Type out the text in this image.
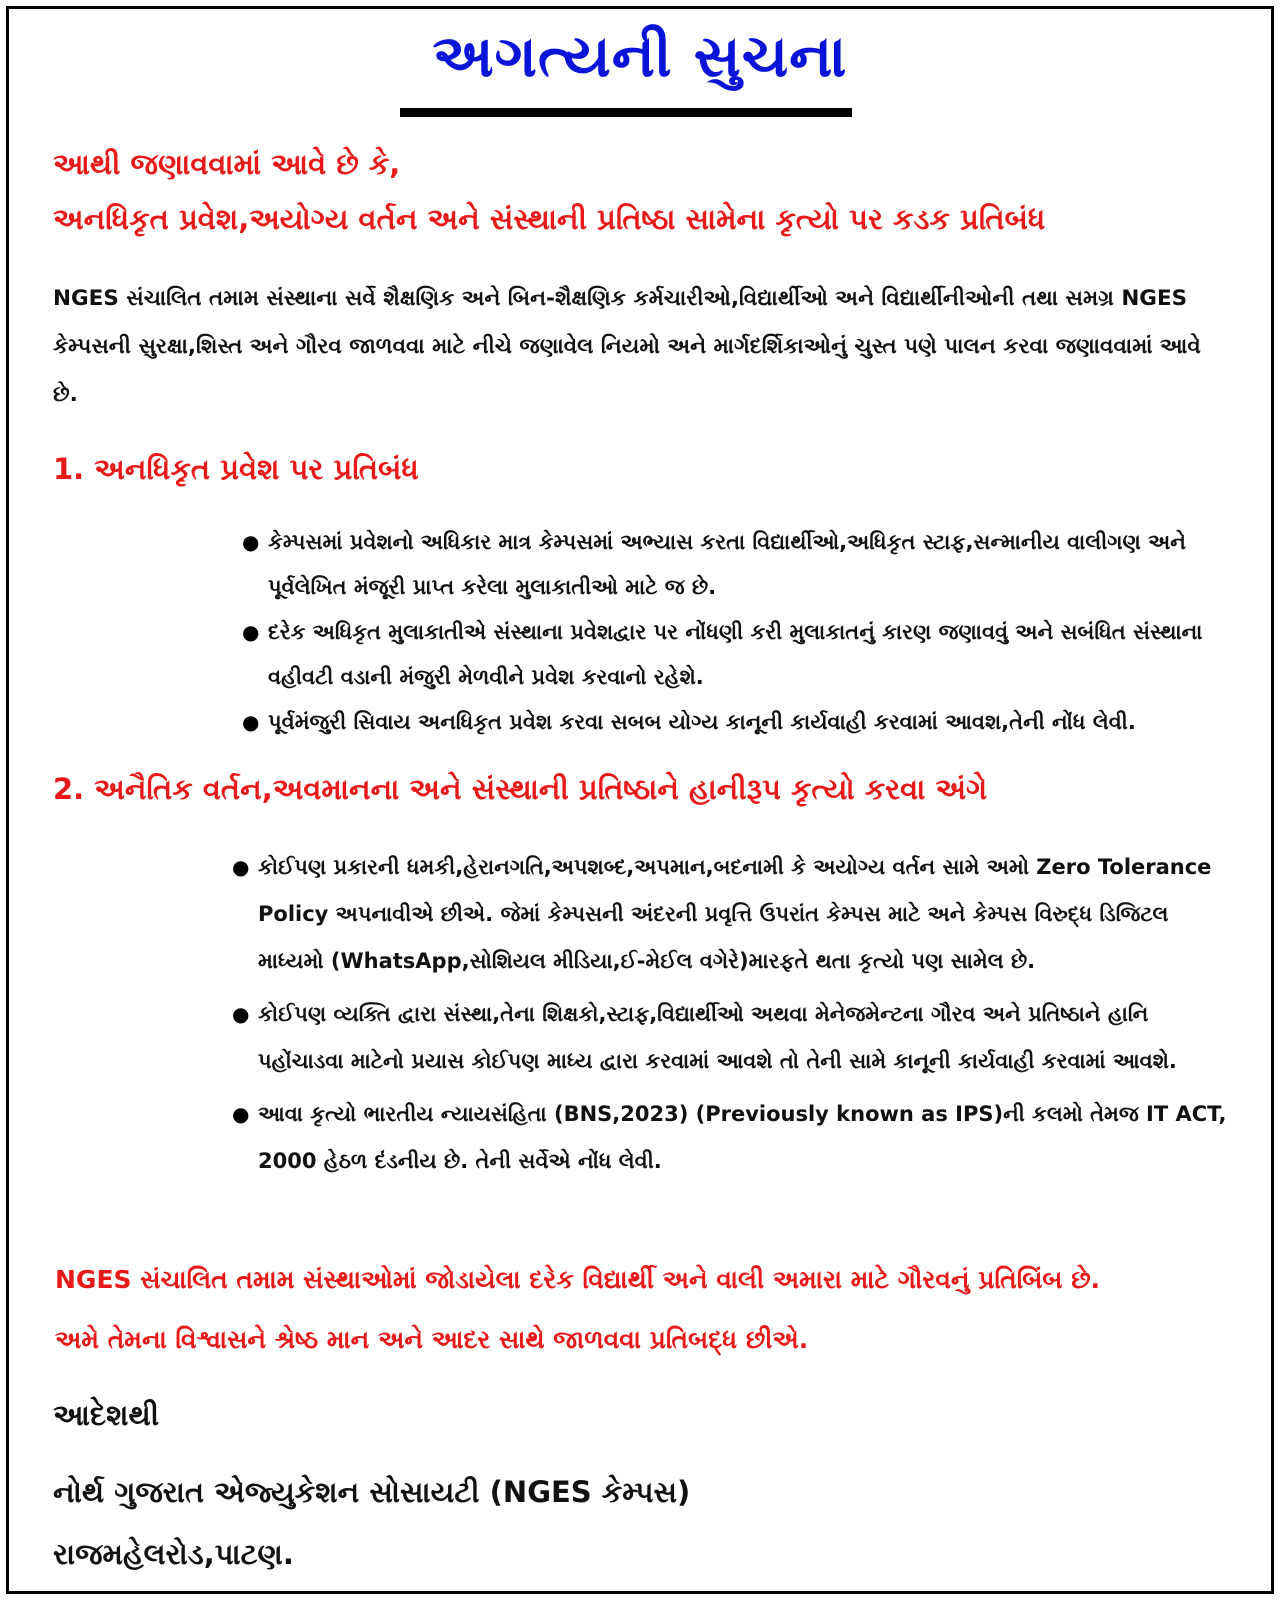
અગત્યની સુચના
આથી જણાવવામાં આવે છે કે,
અનધિકૃત પ્રવેશ,અયોગ્ય વર્તન અને સંસ્થાની પ્રતિષ્ઠા સામેના કૃત્યો પર કડક પ્રતિબંધ
NGES સંચાલિત તમામ સંસ્થાના સર્વે શૈક્ષણિક અને બિન-શૈક્ષણિક કર્મચારીઓ,વિદ્યાર્થીઓ અને વિદ્યાર્થીનીઓની તથા સમગ્ર NGES કેમ્પસની સુરક્ષા,શિસ્ત અને ગૌરવ જાળવવા માટે નીચે જણાવેલ નિયમો અને માર્ગદર્શિકાઓનું ચુસ્ત પણે પાલન કરવા જણાવવામાં આવે છે.
1. અનધિકૃત પ્રવેશ પર પ્રતિબંધ
● કેમ્પસમાં પ્રવેશનો અધિકાર માત્ર કેમ્પસમાં અભ્યાસ કરતા વિદ્યાર્થીઓ,અધિકૃત સ્ટાફ,સન્માનીય વાલીગણ અને પૂર્વલેખિત મંજૂરી પ્રાપ્ત કરેલા મુલાકાતીઓ માટે જ છે.
● દરેક અધિકૃત મુલાકાતીએ સંસ્થાના પ્રવેશદ્વાર પર નોંધણી કરી મુલાકાતનું કારણ જણાવવું અને સબંધિત સંસ્થાના વહીવટી વડાની મંજુરી મેળવીને પ્રવેશ કરવાનો રહેશે.
● પૂર્વમંજુરી સિવાય અનધિકૃત પ્રવેશ કરવા સબબ યોગ્ય કાનૂની કાર્યવાહી કરવામાં આવશ,તેની નોંધ લેવી.
2. અનૈતિક વર્તન,અવમાનના અને સંસ્થાની પ્રતિષ્ઠાને હાનીરૂપ કૃત્યો કરવા અંગે
● કોઈપણ પ્રકારની ધમકી,હેરાનગતિ,અપશબ્દ,અપમાન,બદનામી કે અયોગ્ય વર્તન સામે અમો Zero Tolerance Policy અપનાવીએ છીએ. જેમાં કેમ્પસની અંદરની પ્રવૃત્તિ ઉપરાંત કેમ્પસ માટે અને કેમ્પસ વિરુદ્ધ ડિજિટલ માધ્યમો (WhatsApp,સોશિયલ મીડિયા,ઈ-મેઈલ વગેરે)મારફતે થતા કૃત્યો પણ સામેલ છે.
● કોઈપણ વ્યક્તિ દ્વારા સંસ્થા,તેના શિક્ષકો,સ્ટાફ,વિદ્યાર્થીઓ અથવા મેનેજમેન્ટના ગૌરવ અને પ્રતિષ્ઠાને હાનિ પહોંચાડવા માટેનો પ્રયાસ કોઈપણ માધ્ય દ્વારા કરવામાં આવશે તો તેની સામે કાનૂની કાર્યવાહી કરવામાં આવશે.
● આવા કૃત્યો ભારતીય ન્યાયસંહિતા (BNS,2023) (Previously known as IPS)ની કલમો તેમજ IT ACT, 2000 હેઠળ દંડનીય છે. તેની સર્વેએ નોંધ લેવી.
NGES સંચાલિત તમામ સંસ્થાઓમાં જોડાયેલા દરેક વિદ્યાર્થી અને વાલી અમારા માટે ગૌરવનું પ્રતિબિંબ છે.
અમે તેમના વિશ્વાસને શ્રેષ્ઠ માન અને આદર સાથે જાળવવા પ્રતિબદ્ધ છીએ.
આદેશથી
નોર્થ ગુજરાત એજ્યુકેશન સોસાયટી (NGES કેમ્પસ)
રાજમહેલરોડ,પાટણ.
